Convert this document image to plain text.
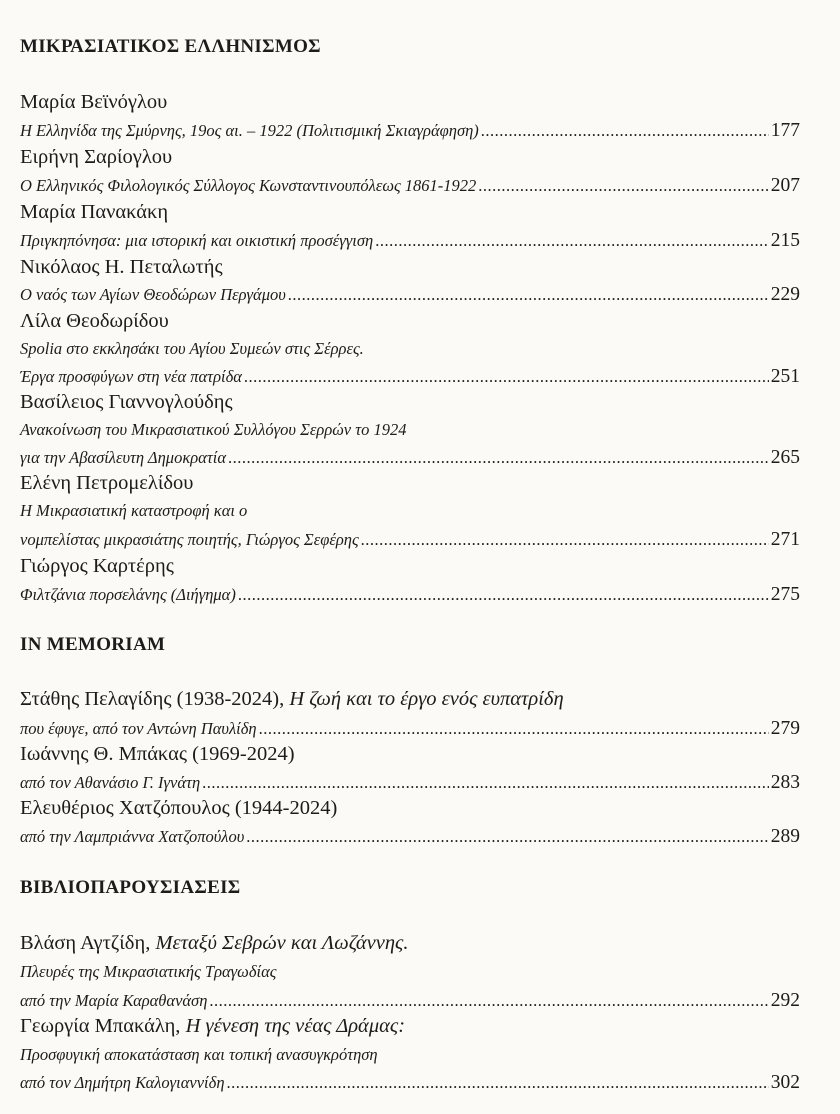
ΜΙΚΡΑΣΙΑΤΙΚΟΣ ΕΛΛΗΝΙΣΜΟΣ
Μαρία Βεϊνόγλου
Η Ελληνίδα της Σμύρνης, 19ος αι. – 1922 (Πολιτισμική Σκιαγράφηση) .....	177
Ειρήνη Σαρίογλου
Ο Ελληνικός Φιλολογικός Σύλλογος Κωνσταντινουπόλεως 1861-1922 .....	207
Μαρία Πανακάκη
Πριγκηπόνησα: μια ιστορική και οικιστική προσέγγιση .....	215
Νικόλαος Η. Πεταλωτής
Ο ναός των Αγίων Θεοδώρων Περγάμου .....	229
Λίλα Θεοδωρίδου
Spolia στο εκκλησάκι του Αγίου Συμεών στις Σέρρες.
Έργα προσφύγων στη νέα πατρίδα .....	251
Βασίλειος Γιαννογλούδης
Ανακοίνωση του Μικρασιατικού Συλλόγου Σερρών το 1924
για την Αβασίλευτη Δημοκρατία .....	265
Ελένη Πετρομελίδου
Η Μικρασιατική καταστροφή και ο
νομπελίστας μικρασιάτης ποιητής, Γιώργος Σεφέρης .....	271
Γιώργος Καρτέρης
Φιλτζάνια πορσελάνης (Διήγημα) .....	275
IN MEMORIAM
Στάθης Πελαγίδης (1938-2024), Η ζωή και το έργο ενός ευπατρίδη
που έφυγε, από τον Αντώνη Παυλίδη .....	279
Ιωάννης Θ. Μπάκας (1969-2024)
από τον Αθανάσιο Γ. Ιγνάτη .....	283
Ελευθέριος Χατζόπουλος (1944-2024)
από την Λαμπριάννα Χατζοπούλου .....	289
ΒΙΒΛΙΟΠΑΡΟΥΣΙΑΣΕΙΣ
Βλάση Αγτζίδη, Μεταξύ Σεβρών και Λωζάννης.
Πλευρές της Μικρασιατικής Τραγωδίας
από την Μαρία Καραθανάση .....	292
Γεωργία Μπακάλη, Η γένεση της νέας Δράμας:
Προσφυγική αποκατάσταση και τοπική ανασυγκρότηση
από τον Δημήτρη Καλογιαννίδη .....	302
